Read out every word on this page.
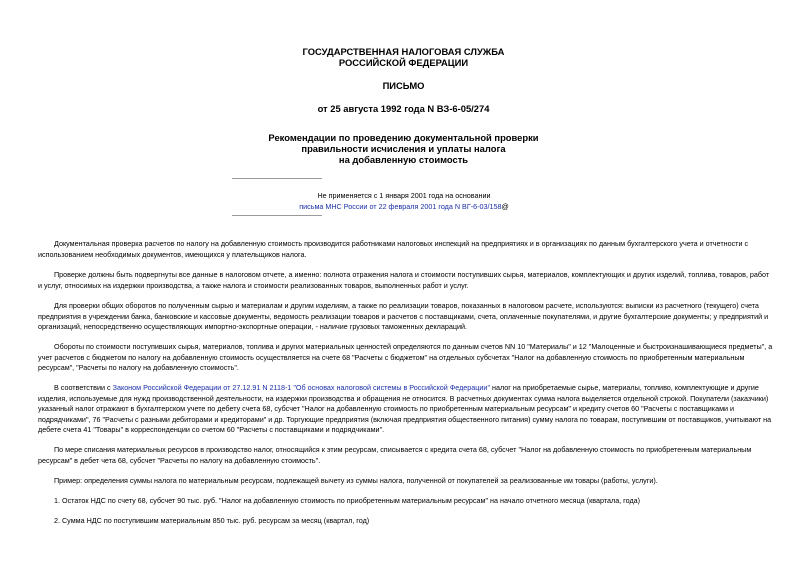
ГОСУДАРСТВЕННАЯ НАЛОГОВАЯ СЛУЖБА
РОССИЙСКОЙ ФЕДЕРАЦИИ
ПИСЬМО
от 25 августа 1992 года N ВЗ-6-05/274
Рекомендации по проведению документальной проверки
правильности исчисления и уплаты налога
на добавленную стоимость
Не применяется с 1 января 2001 года на основании
письма МНС России от 22 февраля 2001 года N ВГ-6-03/158@
Документальная проверка расчетов по налогу на добавленную стоимость производится работниками налоговых инспекций на предприятиях и в организациях по данным бухгалтерского учета и отчетности с использованием необходимых документов, имеющихся у плательщиков налога.
Проверке должны быть подвергнуты все данные в налоговом отчете, а именно: полнота отражения налога и стоимости поступивших сырья, материалов, комплектующих и других изделий, топлива, товаров, работ и услуг, относимых на издержки производства, а также налога и стоимости реализованных товаров, выполненных работ и услуг.
Для проверки общих оборотов по полученным сырью и материалам и другим изделиям, а также по реализации товаров, показанных в налоговом расчете, используются: выписки из расчетного (текущего) счета предприятия в учреждении банка, банковские и кассовые документы, ведомость реализации товаров и расчетов с поставщиками, счета, оплаченные покупателями, и другие бухгалтерские документы; у предприятий и организаций, непосредственно осуществляющих импортно-экспортные операции, - наличие грузовых таможенных деклараций.
Обороты по стоимости поступивших сырья, материалов, топлива и других материальных ценностей определяются по данным счетов NN 10 "Материалы" и 12 "Малоценные и быстроизнашивающиеся предметы", а учет расчетов с бюджетом по налогу на добавленную стоимость осуществляется на счете 68 "Расчеты с бюджетом" на отдельных субсчетах "Налог на добавленную стоимость по приобретенным материальным ресурсам", "Расчеты по налогу на добавленную стоимость".
В соответствии с Законом Российской Федерации от 27.12.91 N 2118-1 "Об основах налоговой системы в Российской Федерации" налог на приобретаемые сырье, материалы, топливо, комплектующие и другие изделия, используемые для нужд производственной деятельности, на издержки производства и обращения не относится. В расчетных документах сумма налога выделяется отдельной строкой. Покупатели (заказчики) указанный налог отражают в бухгалтерском учете по дебету счета 68, субсчет "Налог на добавленную стоимость по приобретенным материальным ресурсам" и кредиту счетов 60 "Расчеты с поставщиками и подрядчиками", 76 "Расчеты с разными дебиторами и кредиторами" и др. Торгующие предприятия (включая предприятия общественного питания) сумму налога по товарам, поступившим от поставщиков, учитывают на дебете счета 41 "Товары" в корреспонденции со счетом 60 "Расчеты с поставщиками и подрядчиками".
По мере списания материальных ресурсов в производство налог, относящийся к этим ресурсам, списывается с кредита счета 68, субсчет "Налог на добавленную стоимость по приобретенным материальным ресурсам" в дебет чета 68, субсчет "Расчеты по налогу на добавленную стоимость".
Пример: определения суммы налога по материальным ресурсам, подлежащей вычету из суммы налога, полученной от покупателей за реализованные им товары (работы, услуги).
1. Остаток НДС по счету 68, субсчет 90 тыс. руб. "Налог на добавленную стоимость по приобретенным материальным ресурсам" на начало отчетного месяца (квартала, года)
2. Сумма НДС по поступившим материальным 850 тыс. руб. ресурсам за месяц (квартал, год)
